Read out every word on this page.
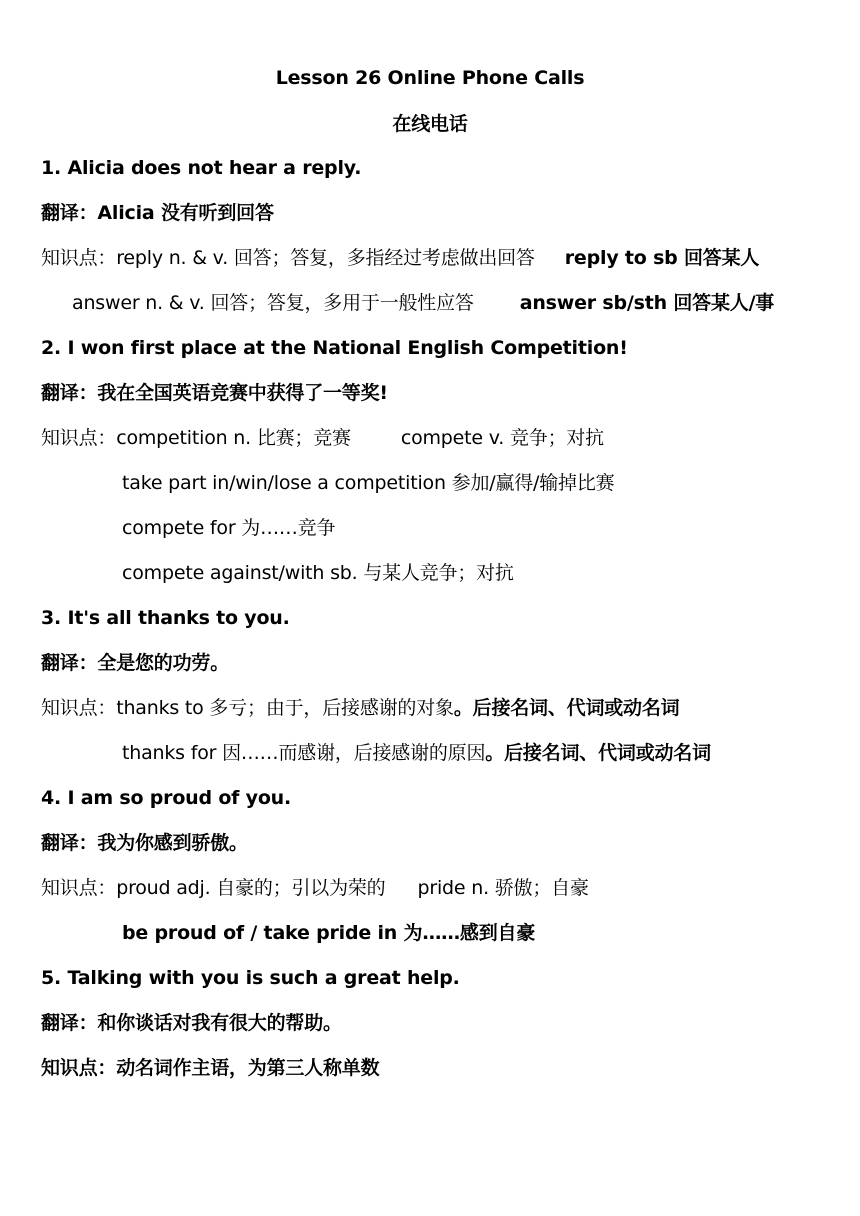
Lesson 26 Online Phone Calls
在线电话
1. Alicia does not hear a reply.
翻译：Alicia 没有听到回答
知识点：reply n. & v. 回答；答复，多指经过考虑做出回答 reply to sb 回答某人
answer n. & v. 回答；答复，多用于一般性应答 answer sb/sth 回答某人/事
2. I won first place at the National English Competition!
翻译：我在全国英语竞赛中获得了一等奖!
知识点：competition n. 比赛；竞赛	compete v. 竞争；对抗
take part in/win/lose a competition 参加/赢得/输掉比赛
compete for 为……竞争
compete against/with sb. 与某人竞争；对抗
3. It's all thanks to you.
翻译：全是您的功劳。
知识点：thanks to 多亏；由于，后接感谢的对象。后接名词、代词或动名词
thanks for 因……而感谢，后接感谢的原因。后接名词、代词或动名词
4. I am so proud of you.
翻译：我为你感到骄傲。
知识点：proud adj. 自豪的；引以为荣的 pride n. 骄傲；自豪
be proud of / take pride in 为……感到自豪
5. Talking with you is such a great help.
翻译：和你谈话对我有很大的帮助。
知识点：动名词作主语，为第三人称单数
